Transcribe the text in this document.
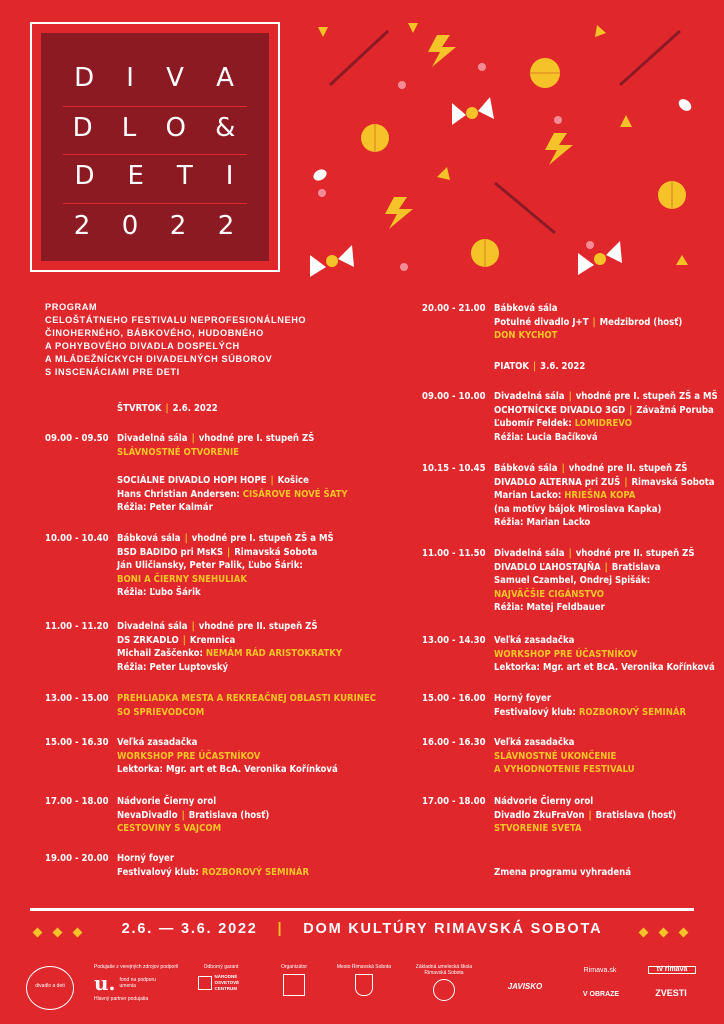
D I V A
D L O &
D E T I
2 0 2 2
PROGRAM
CELOŠTÁTNEHO FESTIVALU NEPROFESIONÁLNEHO
ČINOHERNÉHO, BÁBKOVÉHO, HUDOBNÉHO
A POHYBOVÉHO DIVADLA DOSPELÝCH
A MLÁDEŽNÍCKYCH DIVADELNÝCH SÚBOROV
S INSCENÁCIAMI PRE DETI
ŠTVRTOK | 2.6. 2022
09.00 - 09.50 Divadelná sála | vhodné pre I. stupeň ZŠ
SLÁVNOSTNÉ OTVORENIE
SOCIÁLNE DIVADLO HOPI HOPE | Košice
Hans Christian Andersen: CISÁROVE NOVÉ ŠATY
Réžia: Peter Kalmár
10.00 - 10.40 Bábková sála | vhodné pre I. stupeň ZŠ a MŠ
BSD BADIDO pri MsKS | Rimavská Sobota
Ján Uličiansky, Peter Palik, Ľubo Šárik:
BONI A ČIERNY SNEHULIAK
Réžia: Ľubo Šárik
11.00 - 11.20 Divadelná sála | vhodné pre II. stupeň ZŠ
DS ZRKADLO | Kremnica
Michail Zaščenko: NEMÁM RÁD ARISTOKRATKY
Réžia: Peter Luptovský
13.00 - 15.00 PREHLIADKA MESTA A REKREAČNEJ OBLASTI KURINEC
SO SPRIEVODCOM
15.00 - 16.30 Veľká zasadačka
WORKSHOP PRE ÚČASTNÍKOV
Lektorka: Mgr. art et BcA. Veronika Kořínková
17.00 - 18.00 Nádvorie Čierny orol
NevaDivadlo | Bratislava (hosť)
CESTOVINY S VAJCOM
19.00 - 20.00 Horný foyer
Festivalový klub: ROZBOROVÝ SEMINÁR
20.00 - 21.00 Bábková sála
Potulné divadlo J+T | Medzibrod (hosť)
DON KYCHOT
PIATOK | 3.6. 2022
09.00 - 10.00 Divadelná sála | vhodné pre I. stupeň ZŠ a MŠ
OCHOTNÍCKE DIVADLO 3GD | Závažná Poruba
Ľubomír Feldek: LOMIDREVO
Réžia: Lucia Bačíková
10.15 - 10.45 Bábková sála | vhodné pre II. stupeň ZŠ
DIVADLO ALTERNA pri ZUŠ | Rimavská Sobota
Marian Lacko: HRIEŠNA KOPA
(na motívy bájok Miroslava Kapka)
Réžia: Marian Lacko
11.00 - 11.50 Divadelná sála | vhodné pre II. stupeň ZŠ
DIVADLO ĽAHOSTAJŇA | Bratislava
Samuel Czambel, Ondrej Spišák:
NAJVÄČŠIE CIGÁNSTVO
Réžia: Matej Feldbauer
13.00 - 14.30 Veľká zasadačka
WORKSHOP PRE ÚČASTNÍKOV
Lektorka: Mgr. art et BcA. Veronika Kořínková
15.00 - 16.00 Horný foyer
Festivalový klub: ROZBOROVÝ SEMINÁR
16.00 - 16.30 Veľká zasadačka
SLÁVNOSTNÉ UKONČENIE
A VYHODNOTENIE FESTIVALU
17.00 - 18.00 Nádvorie Čierny orol
Divadlo ZkuFraVon | Bratislava (hosť)
STVORENIE SVETA
Zmena programu vyhradená
2.6. — 3.6. 2022 | DOM KULTÚRY RIMAVSKÁ SOBOTA
divadlo a deti
Podujatie z verejných zdrojov podporil
u. fond na podporu umenia
Hlavný partner podujatia
Odborný garant
NÁRODNÉ OSVETOVÉ CENTRUM
Organizátor	Mesto Rimavská Sobota	Základná umelecká škola Rimavská Sobota
JAVISKO
Rimava.sk
V OBRAZE
tv rimava
ZVESTI
